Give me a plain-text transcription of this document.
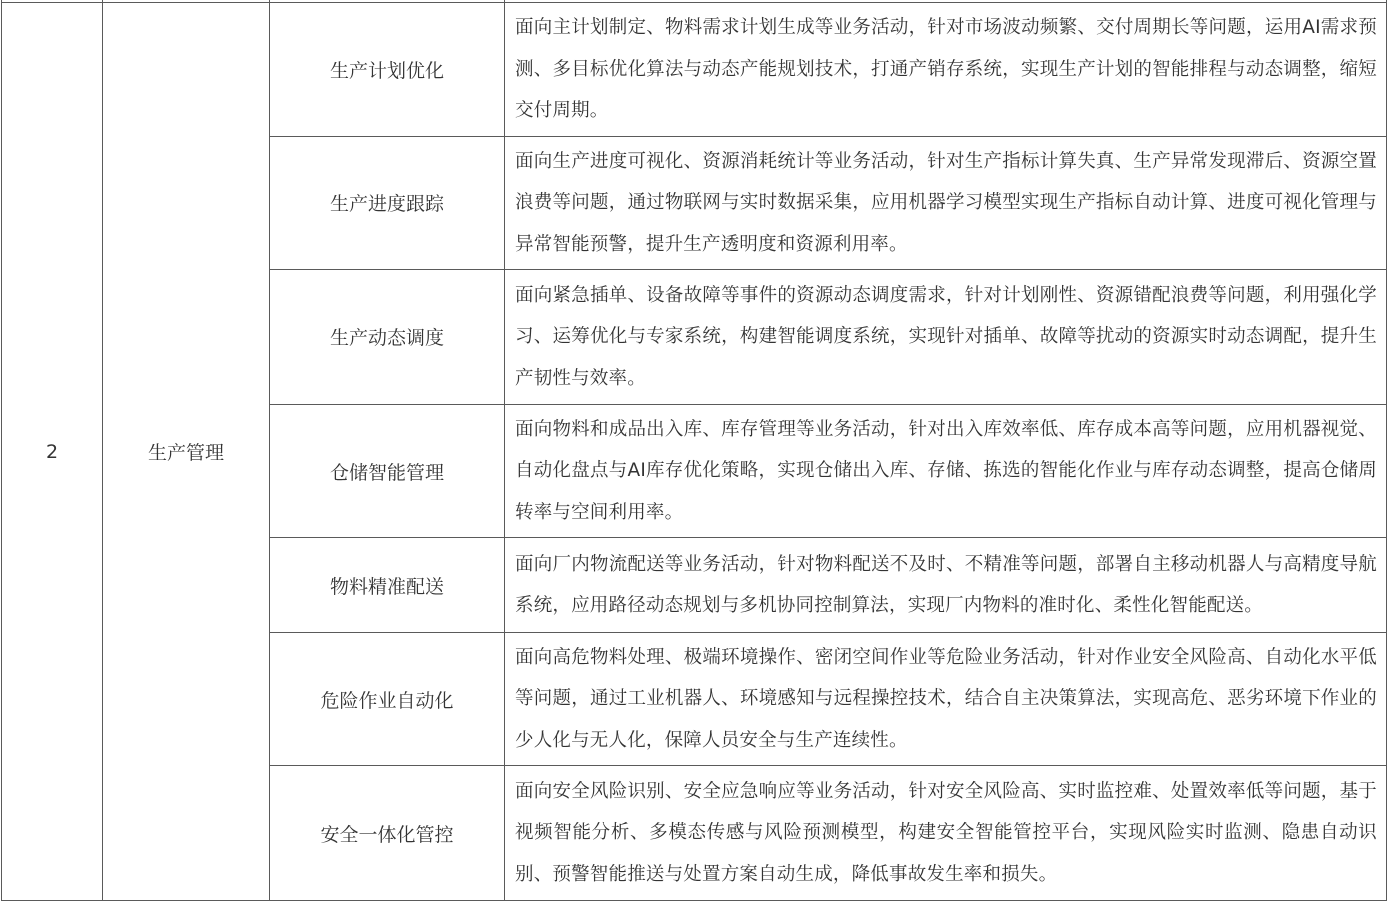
2	生产管理	生产计划优化	面向主计划制定、物料需求计划生成等业务活动，针对市场波动频繁、交付周期长等问题，运用AI需求预测、多目标优化算法与动态产能规划技术，打通产销存系统，实现生产计划的智能排程与动态调整，缩短交付周期。
		生产进度跟踪	面向生产进度可视化、资源消耗统计等业务活动，针对生产指标计算失真、生产异常发现滞后、资源空置浪费等问题，通过物联网与实时数据采集，应用机器学习模型实现生产指标自动计算、进度可视化管理与异常智能预警，提升生产透明度和资源利用率。
		生产动态调度	面向紧急插单、设备故障等事件的资源动态调度需求，针对计划刚性、资源错配浪费等问题，利用强化学习、运筹优化与专家系统，构建智能调度系统，实现针对插单、故障等扰动的资源实时动态调配，提升生产韧性与效率。
		仓储智能管理	面向物料和成品出入库、库存管理等业务活动，针对出入库效率低、库存成本高等问题，应用机器视觉、自动化盘点与AI库存优化策略，实现仓储出入库、存储、拣选的智能化作业与库存动态调整，提高仓储周转率与空间利用率。
		物料精准配送	面向厂内物流配送等业务活动，针对物料配送不及时、不精准等问题，部署自主移动机器人与高精度导航系统，应用路径动态规划与多机协同控制算法，实现厂内物料的准时化、柔性化智能配送。
		危险作业自动化	面向高危物料处理、极端环境操作、密闭空间作业等危险业务活动，针对作业安全风险高、自动化水平低等问题，通过工业机器人、环境感知与远程操控技术，结合自主决策算法，实现高危、恶劣环境下作业的少人化与无人化，保障人员安全与生产连续性。
		安全一体化管控	面向安全风险识别、安全应急响应等业务活动，针对安全风险高、实时监控难、处置效率低等问题，基于视频智能分析、多模态传感与风险预测模型，构建安全智能管控平台，实现风险实时监测、隐患自动识别、预警智能推送与处置方案自动生成，降低事故发生率和损失。
